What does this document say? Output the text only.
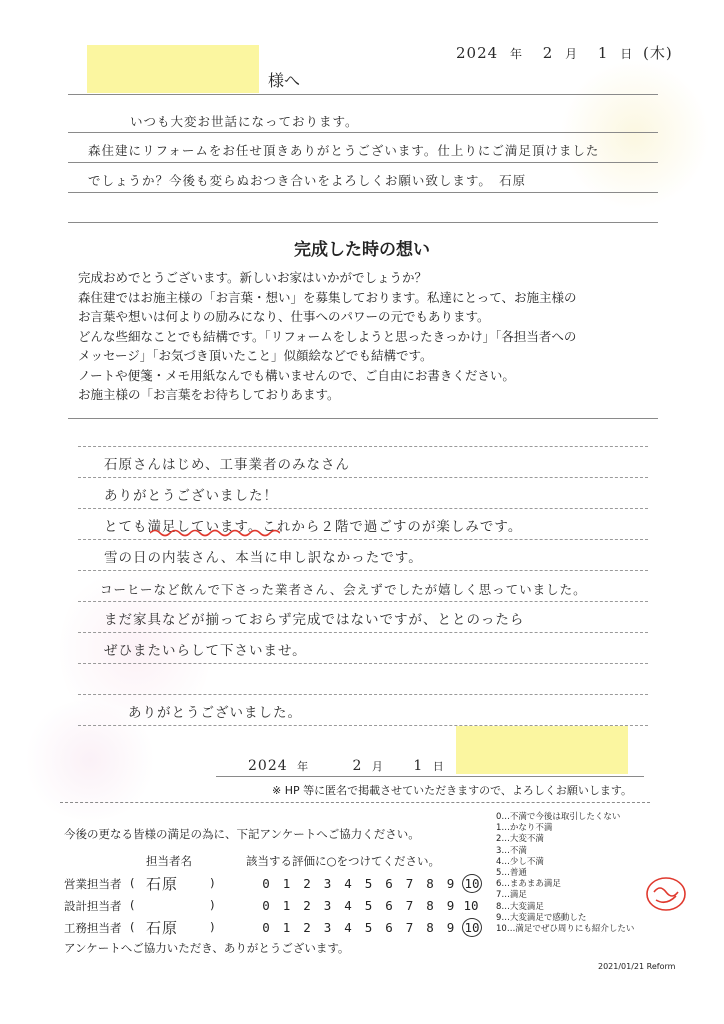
2024 年 2 月 1 日 (木)
様へ
いつも大変お世話になっております。
森住建にリフォームをお任せ頂きありがとうございます。仕上りにご満足頂けました
でしょうか？今後も変らぬおつき合いをよろしくお願い致します。　石原
完成した時の想い
完成おめでとうございます。新しいお家はいかがでしょうか？
森住建ではお施主様の「お言葉・想い」を募集しております。私達にとって、お施主様の
お言葉や想いは何よりの励みになり、仕事へのパワーの元でもあります。
どんな些細なことでも結構です。「リフォームをしようと思ったきっかけ」「各担当者への
メッセージ」「お気づき頂いたこと」似顔絵などでも結構です。
ノートや便箋・メモ用紙なんでも構いませんので、ご自由にお書きください。
お施主様の「お言葉をお待ちしておりあます。
石原さんはじめ、工事業者のみなさん
ありがとうございました！
とても満足しています。これから２階で過ごすのが楽しみです。
雪の日の内装さん、本当に申し訳なかったです。
コーヒーなど飲んで下さった業者さん、会えずでしたが嬉しく思っていました。
まだ家具などが揃っておらず完成ではないですが、ととのったら
ぜひまたいらして下さいませ。
ありがとうございました。
2024 年	2 月 1 日
※ HP 等に匿名で掲載させていただきますので、よろしくお願いします。
今後の更なる皆様の満足の為に、下記アンケートへご協力ください。
担当者名	該当する評価に○をつけてください。
営業担当者 ( 石原	)	0	1	2	3	4	5	6	7	8	9 10
設計担当者 (	)	0	1	2	3	4	5	6	7	8	9 10
工務担当者 ( 石原	)	0	1	2	3	4	5	6	7	8	9 10
アンケートへご協力いただき、ありがとうございます。
0…不満で今後は取引したくない
1…かなり不満
2…大変不満
3…不満
4…少し不満
5…普通
6…まあまあ満足
7…満足
8…大変満足
9…大変満足で感動した
10…満足でぜひ周りにも紹介したい
2021/01/21 Reform
